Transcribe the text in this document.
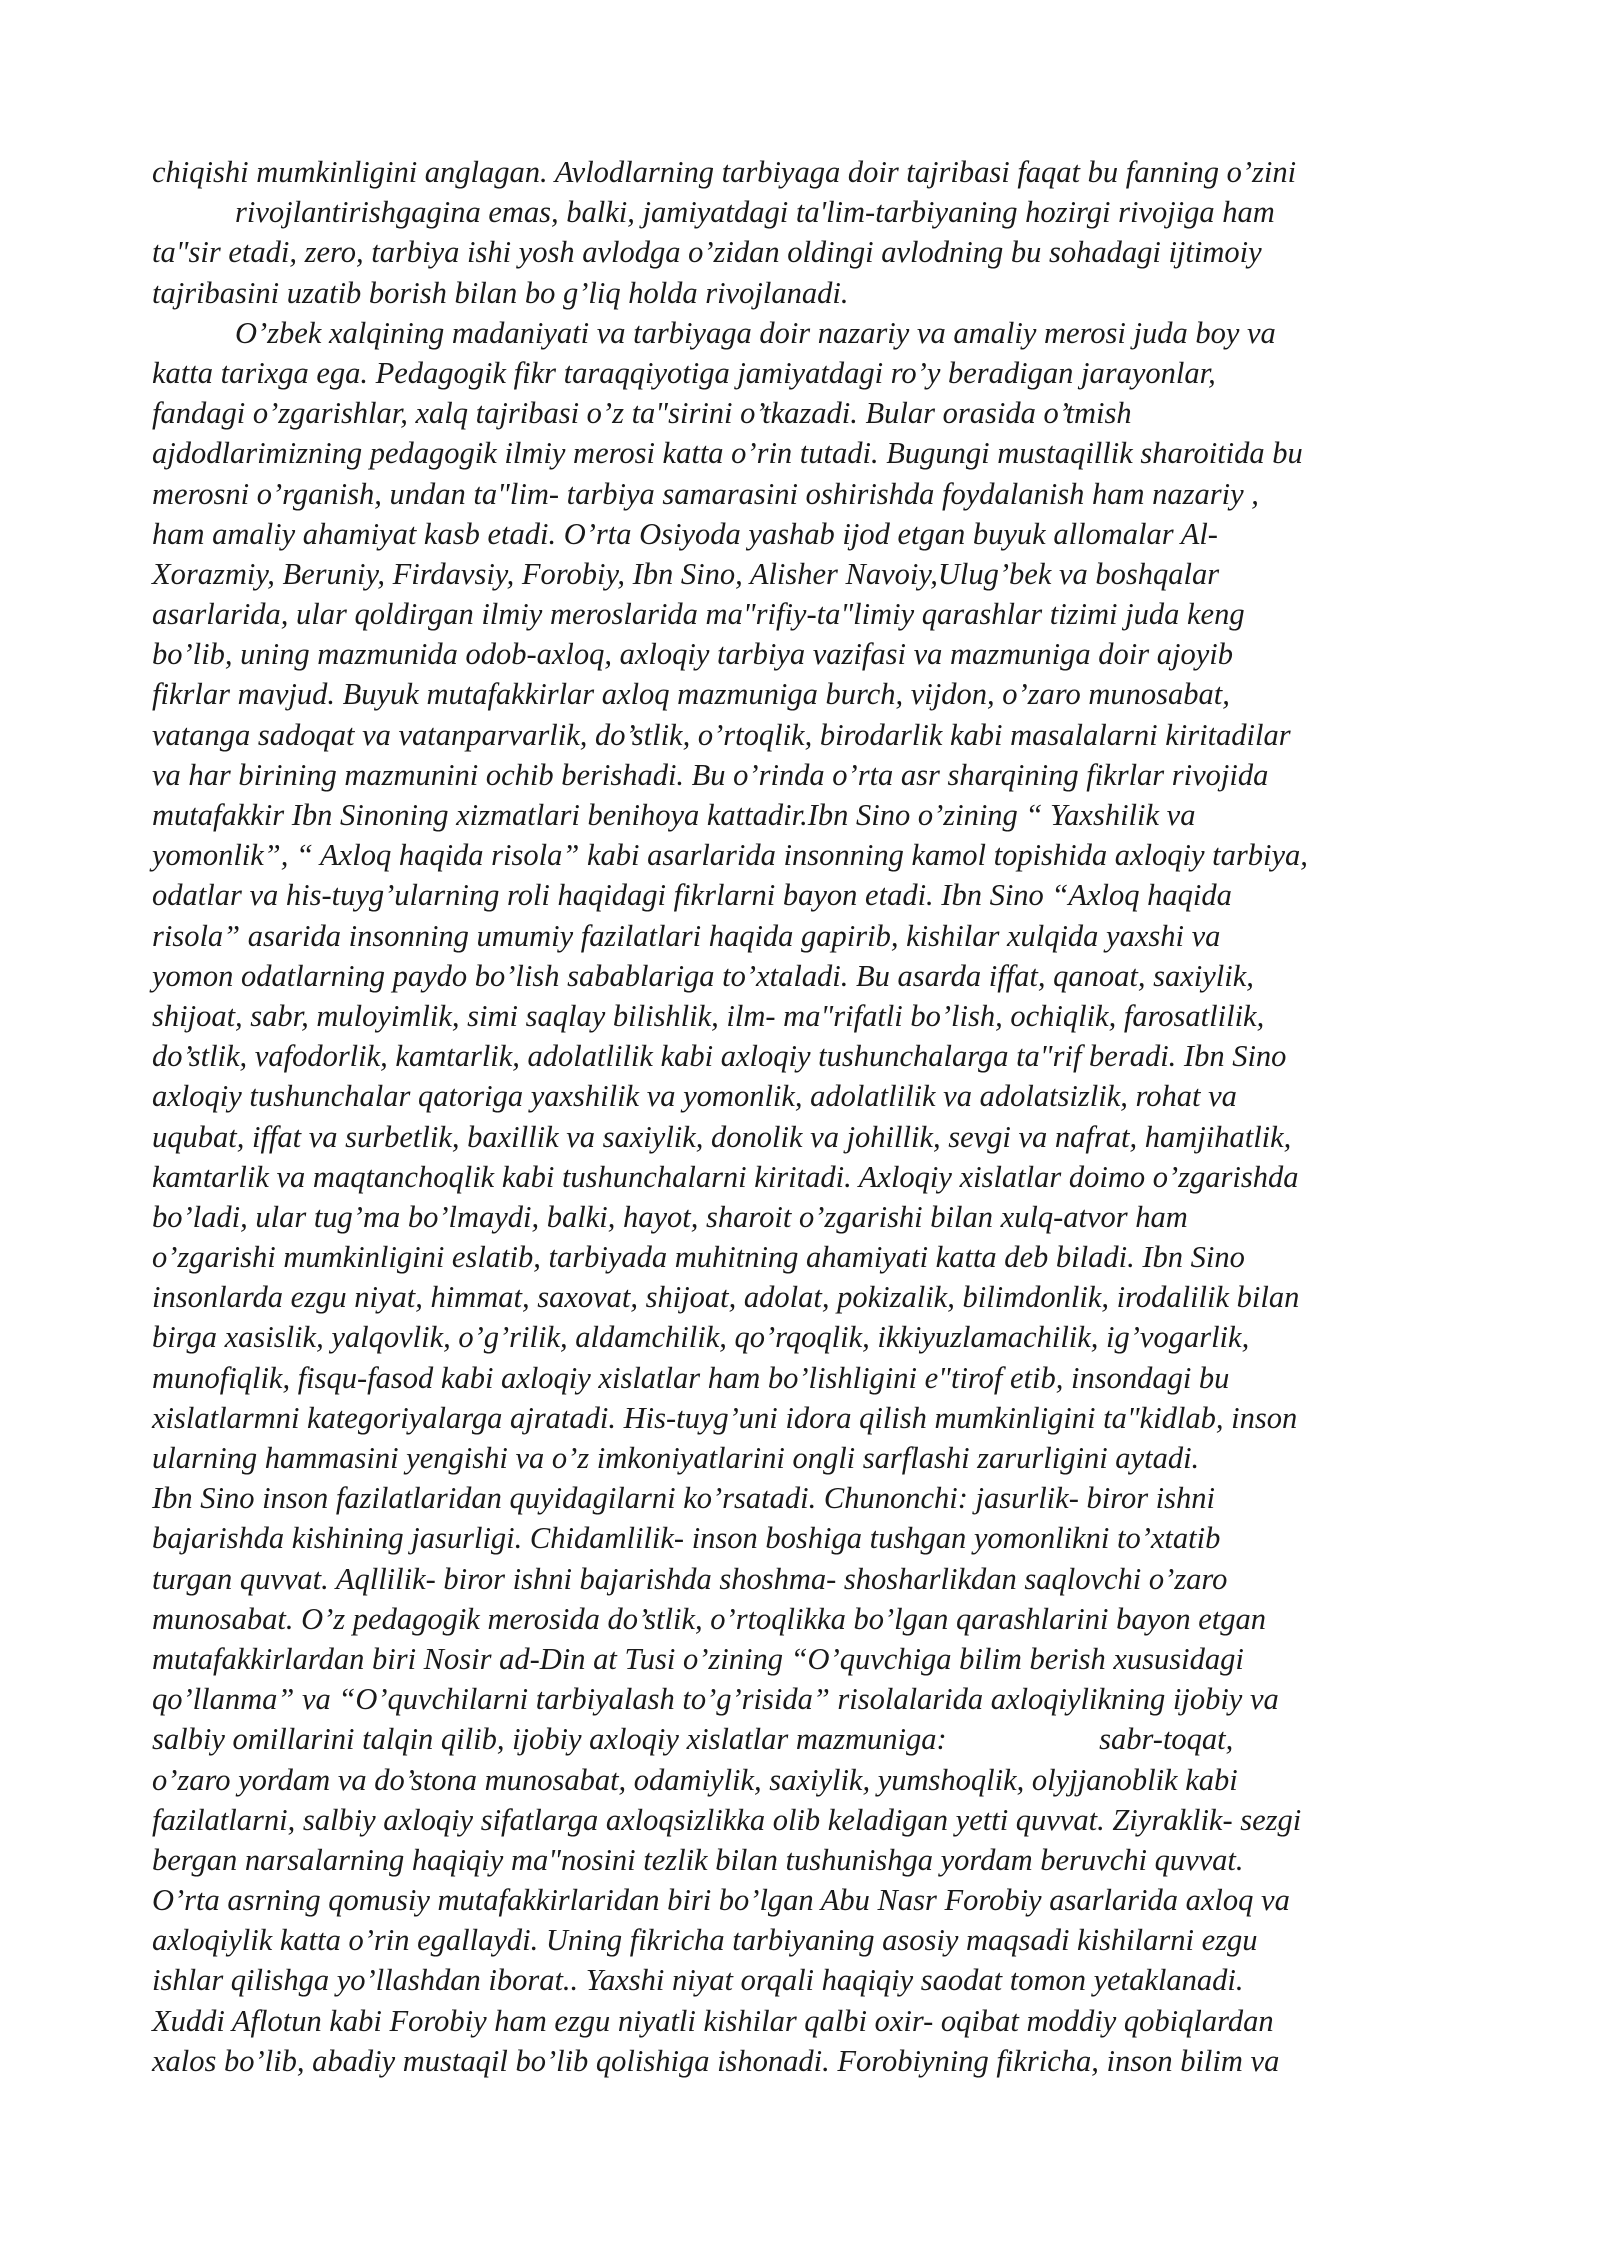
chiqishi mumkinligini anglagan. Avlodlarning tarbiyaga doir tajribasi faqat bu fanning o’zini
rivojlantirishgagina emas, balki, jamiyatdagi ta'lim-tarbiyaning hozirgi rivojiga ham
ta"sir etadi, zero, tarbiya ishi yosh avlodga o’zidan oldingi avlodning bu sohadagi ijtimoiy
tajribasini uzatib borish bilan bo g’liq holda rivojlanadi.
O’zbek xalqining madaniyati va tarbiyaga doir nazariy va amaliy merosi juda boy va
katta tarixga ega. Pedagogik fikr taraqqiyotiga jamiyatdagi ro’y beradigan jarayonlar,
fandagi o’zgarishlar, xalq tajribasi o’z ta"sirini o’tkazadi. Bular orasida o’tmish
ajdodlarimizning pedagogik ilmiy merosi katta o’rin tutadi. Bugungi mustaqillik sharoitida bu
merosni o’rganish, undan ta"lim- tarbiya samarasini oshirishda foydalanish ham nazariy ,
ham amaliy ahamiyat kasb etadi. O’rta Osiyoda yashab ijod etgan buyuk allomalar Al-
Xorazmiy, Beruniy, Firdavsiy, Forobiy, Ibn Sino, Alisher Navoiy,Ulug’bek va boshqalar
asarlarida, ular qoldirgan ilmiy meroslarida ma"rifiy-ta"limiy qarashlar tizimi juda keng
bo’lib, uning mazmunida odob-axloq, axloqiy tarbiya vazifasi va mazmuniga doir ajoyib
fikrlar mavjud. Buyuk mutafakkirlar axloq mazmuniga burch, vijdon, o’zaro munosabat,
vatanga sadoqat va vatanparvarlik, do’stlik, o’rtoqlik, birodarlik kabi masalalarni kiritadilar
va har birining mazmunini ochib berishadi. Bu o’rinda o’rta asr sharqining fikrlar rivojida
mutafakkir Ibn Sinoning xizmatlari benihoya kattadir.Ibn Sino o’zining “ Yaxshilik va
yomonlik”, “ Axloq haqida risola” kabi asarlarida insonning kamol topishida axloqiy tarbiya,
odatlar va his-tuyg’ularning roli haqidagi fikrlarni bayon etadi. Ibn Sino “Axloq haqida
risola” asarida insonning umumiy fazilatlari haqida gapirib, kishilar xulqida yaxshi va
yomon odatlarning paydo bo’lish sabablariga to’xtaladi. Bu asarda iffat, qanoat, saxiylik,
shijoat, sabr, muloyimlik, simi saqlay bilishlik, ilm- ma"rifatli bo’lish, ochiqlik, farosatlilik,
do’stlik, vafodorlik, kamtarlik, adolatlilik kabi axloqiy tushunchalarga ta"rif beradi. Ibn Sino
axloqiy tushunchalar qatoriga yaxshilik va yomonlik, adolatlilik va adolatsizlik, rohat va
uqubat, iffat va surbetlik, baxillik va saxiylik, donolik va johillik, sevgi va nafrat, hamjihatlik,
kamtarlik va maqtanchoqlik kabi tushunchalarni kiritadi. Axloqiy xislatlar doimo o’zgarishda
bo’ladi, ular tug’ma bo’lmaydi, balki, hayot, sharoit o’zgarishi bilan xulq-atvor ham
o’zgarishi mumkinligini eslatib, tarbiyada muhitning ahamiyati katta deb biladi. Ibn Sino
insonlarda ezgu niyat, himmat, saxovat, shijoat, adolat, pokizalik, bilimdonlik, irodalilik bilan
birga xasislik, yalqovlik, o’g’rilik, aldamchilik, qo’rqoqlik, ikkiyuzlamachilik, ig’vogarlik,
munofiqlik, fisqu-fasod kabi axloqiy xislatlar ham bo’lishligini e"tirof etib, insondagi bu
xislatlarmni kategoriyalarga ajratadi. His-tuyg’uni idora qilish mumkinligini ta"kidlab, inson
ularning hammasini yengishi va o’z imkoniyatlarini ongli sarflashi zarurligini aytadi.
Ibn Sino inson fazilatlaridan quyidagilarni ko’rsatadi. Chunonchi: jasurlik- biror ishni
bajarishda kishining jasurligi. Chidamlilik- inson boshiga tushgan yomonlikni to’xtatib
turgan quvvat. Aqllilik- biror ishni bajarishda shoshma- shosharlikdan saqlovchi o’zaro
munosabat. O’z pedagogik merosida do’stlik, o’rtoqlikka bo’lgan qarashlarini bayon etgan
mutafakkirlardan biri Nosir ad-Din at Tusi o’zining “O’quvchiga bilim berish xususidagi
qo’llanma” va “O’quvchilarni tarbiyalash to’g’risida” risolalarida axloqiylikning ijobiy va
salbiy omillarini talqin qilib, ijobiy axloqiy xislatlar mazmuniga:                    sabr-toqat,
o’zaro yordam va do’stona munosabat, odamiylik, saxiylik, yumshoqlik, olyjjanoblik kabi
fazilatlarni, salbiy axloqiy sifatlarga axloqsizlikka olib keladigan yetti quvvat. Ziyraklik- sezgi
bergan narsalarning haqiqiy ma"nosini tezlik bilan tushunishga yordam beruvchi quvvat.
O’rta asrning qomusiy mutafakkirlaridan biri bo’lgan Abu Nasr Forobiy asarlarida axloq va
axloqiylik katta o’rin egallaydi. Uning fikricha tarbiyaning asosiy maqsadi kishilarni ezgu
ishlar qilishga yo’llashdan iborat.. Yaxshi niyat orqali haqiqiy saodat tomon yetaklanadi.
Xuddi Aflotun kabi Forobiy ham ezgu niyatli kishilar qalbi oxir- oqibat moddiy qobiqlardan
xalos bo’lib, abadiy mustaqil bo’lib qolishiga ishonadi. Forobiyning fikricha, inson bilim va
